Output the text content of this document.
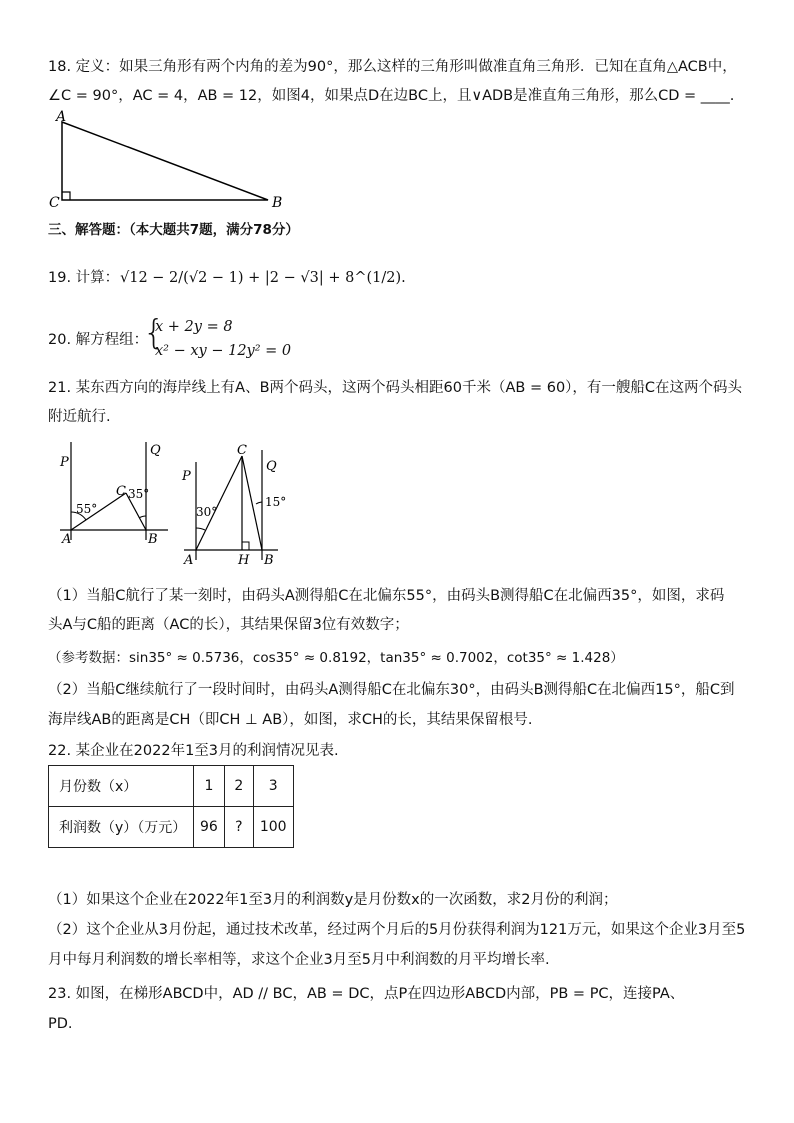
18. 定义：如果三角形有两个内角的差为90°，那么这样的三角形叫做准直角三角形．已知在直角△ACB中，
∠C = 90°，AC = 4，AB = 12，如图4，如果点D在边BC上，且∨ADB是准直角三角形，那么CD = ____.
A
C	B
三、解答题：（本大题共7题，满分78分）
19. 计算： √12 − 2/(√2 − 1) + |2 − √3| + 8^(1/2).
20. 解方程组：
{
x + 2y = 8
x² − xy − 12y² = 0
21. 某东西方向的海岸线上有A、B两个码头，这两个码头相距60千米（AB = 60），有一艘船C在这两个码头
附近航行.
P
Q
C
55°
35°
A	B
P
Q
C
30°
15°
A	H B
（1）当船C航行了某一刻时，由码头A测得船C在北偏东55°，由码头B测得船C在北偏西35°，如图，求码
头A与C船的距离（AC的长），其结果保留3位有效数字；
（参考数据：sin35° ≈ 0.5736，cos35° ≈ 0.8192，tan35° ≈ 0.7002，cot35° ≈ 1.428）
（2）当船C继续航行了一段时间时，由码头A测得船C在北偏东30°，由码头B测得船C在北偏西15°，船C到
海岸线AB的距离是CH（即CH ⊥ AB），如图，求CH的长，其结果保留根号.
22. 某企业在2022年1至3月的利润情况见表.
月份数（x）	1	2	3
利润数（y）（万元）	96	?	100
（1）如果这个企业在2022年1至3月的利润数y是月份数x的一次函数，求2月份的利润；
（2）这个企业从3月份起，通过技术改革，经过两个月后的5月份获得利润为121万元，如果这个企业3月至5
月中每月利润数的增长率相等，求这个企业3月至5月中利润数的月平均增长率.
23. 如图，在梯形ABCD中，AD // BC，AB = DC，点P在四边形ABCD内部，PB = PC，连接PA、
PD.
